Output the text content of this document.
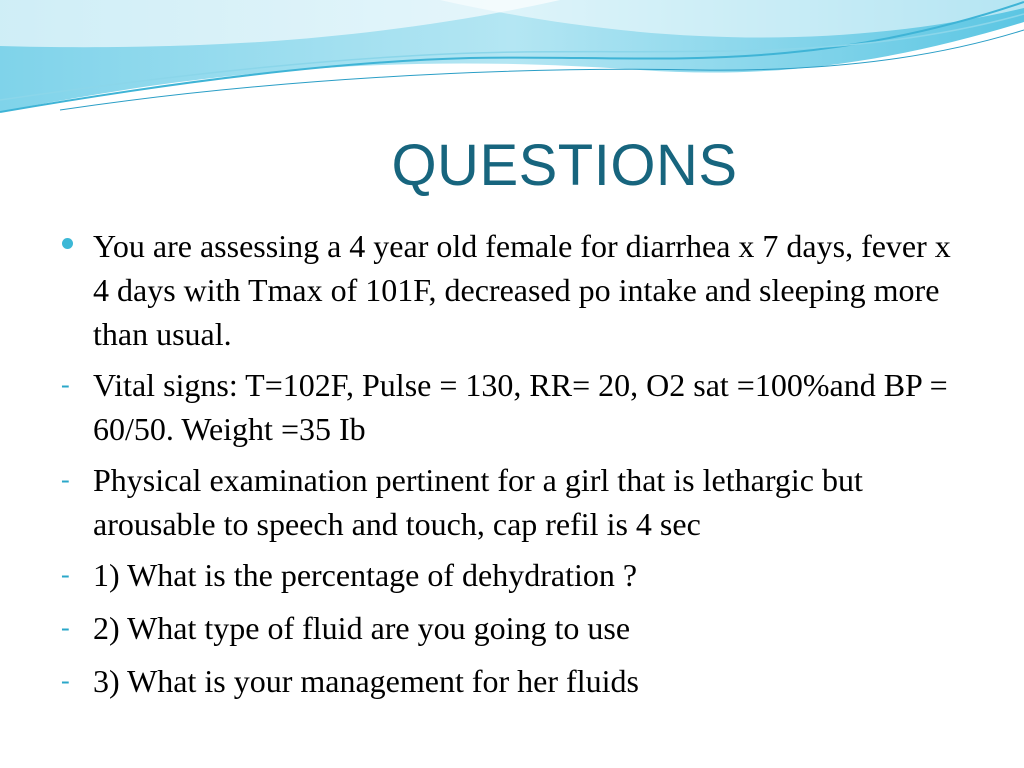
QUESTIONS
You are assessing a 4 year old female for diarrhea x 7 days, fever x 4 days with Tmax of 101F, decreased po intake and sleeping more than usual.
- Vital signs: T=102F, Pulse = 130, RR= 20, O2 sat =100%and BP = 60/50. Weight =35 Ib
- Physical examination pertinent for a girl that is lethargic but arousable to speech and touch, cap refil is 4 sec
- 1) What is the percentage of dehydration ?
- 2) What type of fluid are you going to use
- 3) What is your management for her fluids
